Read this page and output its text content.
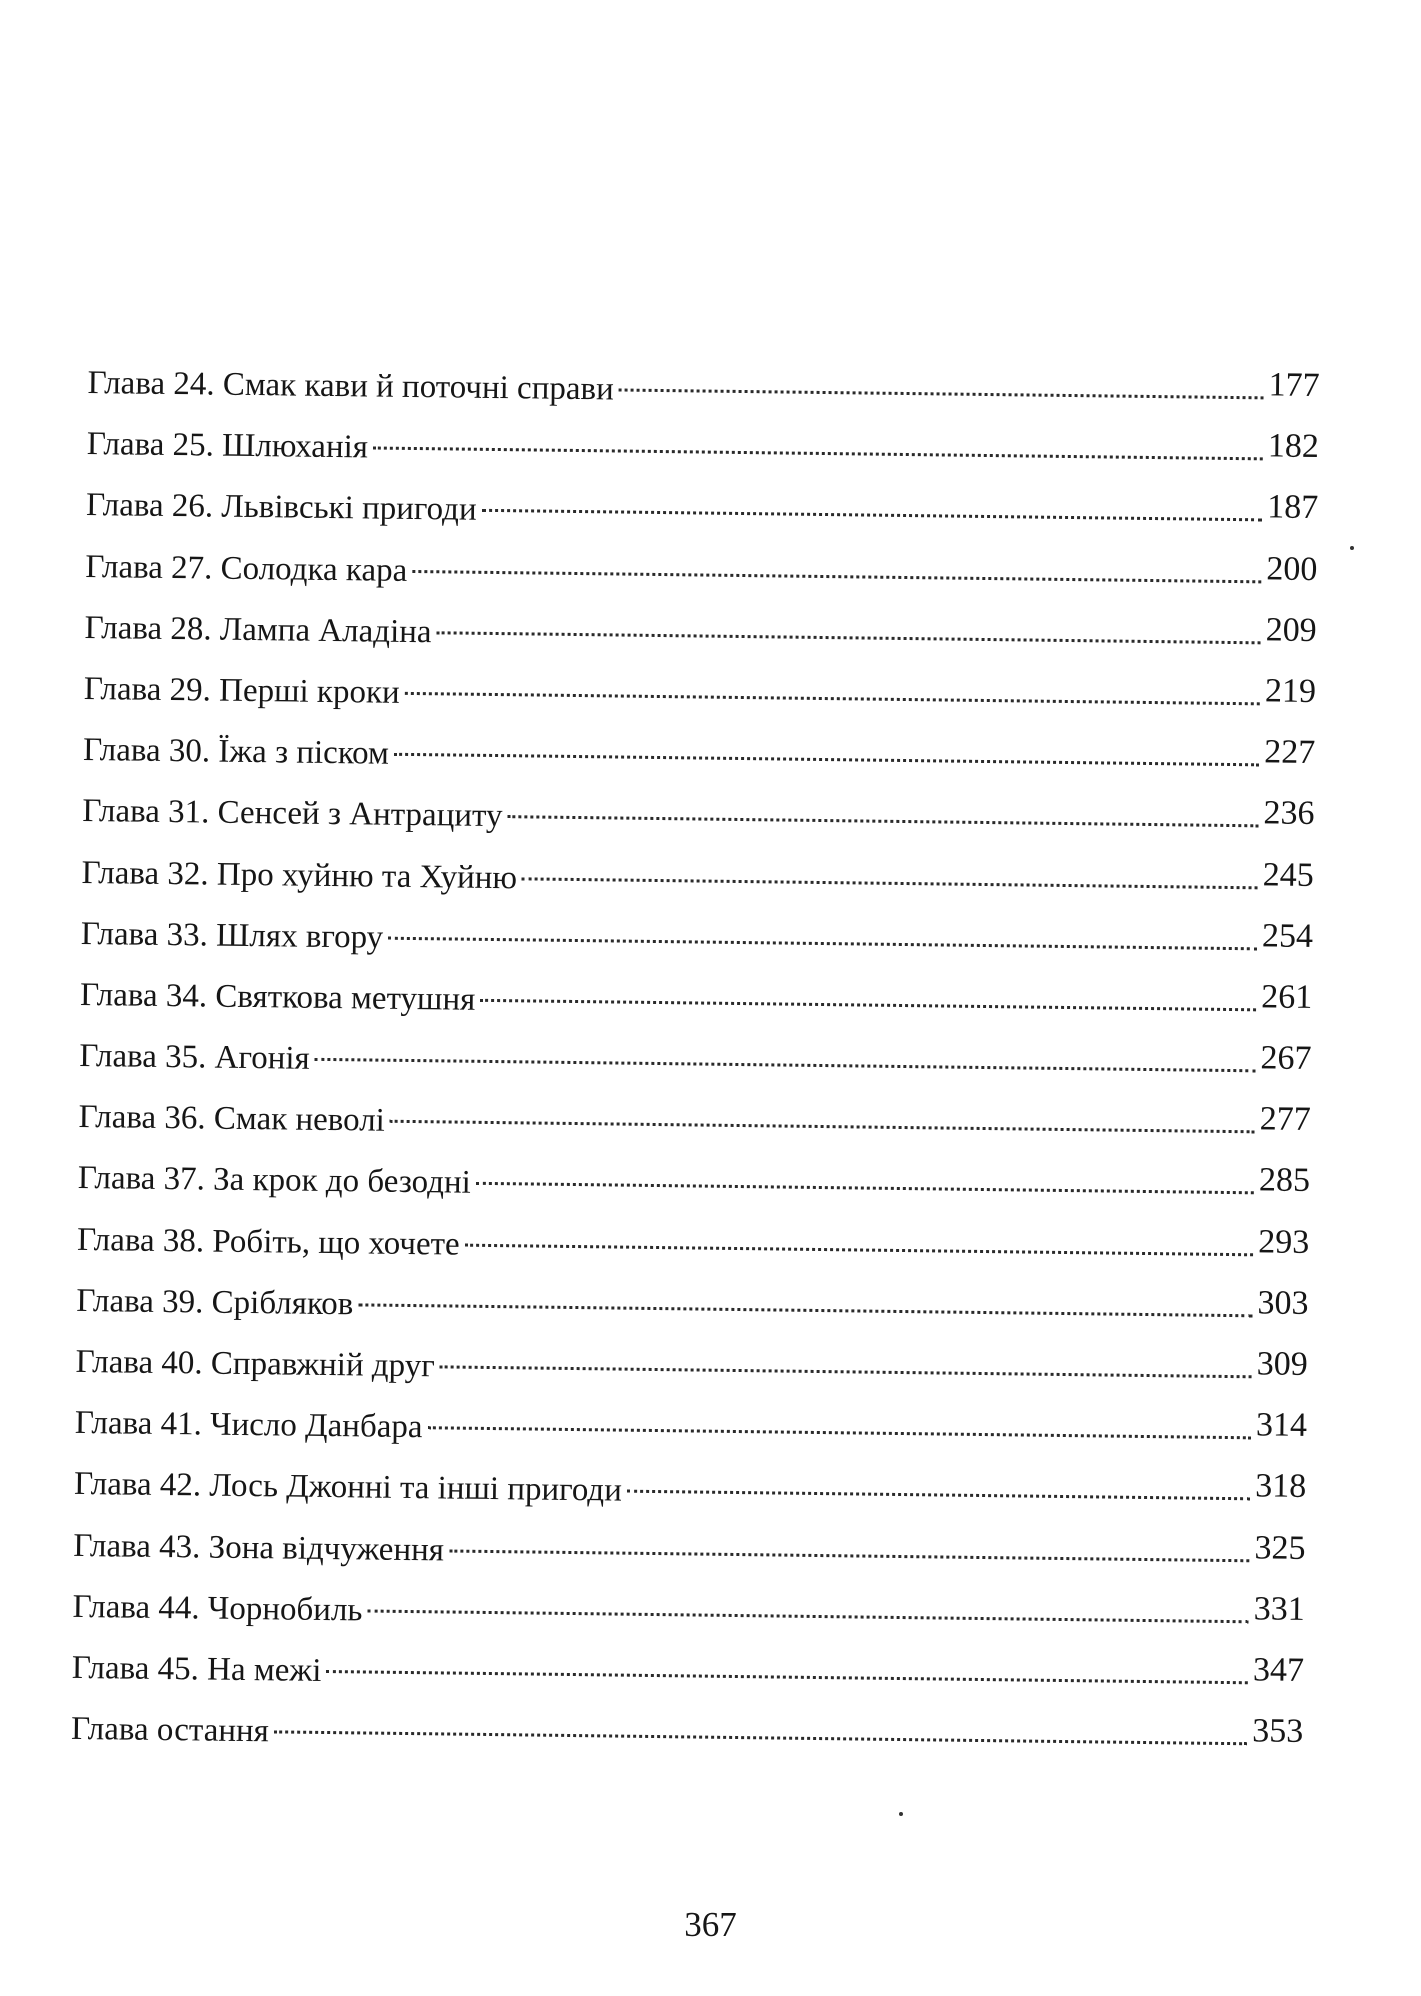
Глава 24. Смак кави й поточні справи	177
Глава 25. Шлюханія	182
Глава 26. Львівські пригоди	187
Глава 27. Солодка кара	200
Глава 28. Лампа Аладіна	209
Глава 29. Перші кроки	219
Глава 30. Їжа з піском	227
Глава 31. Сенсей з Антрациту	236
Глава 32. Про хуйню та Хуйню	245
Глава 33. Шлях вгору	254
Глава 34. Святкова метушня	261
Глава 35. Агонія	267
Глава 36. Смак неволі	277
Глава 37. За крок до безодні	285
Глава 38. Робіть, що хочете	293
Глава 39. Срібляков	303
Глава 40. Справжній друг	309
Глава 41. Число Данбара	314
Глава 42. Лось Джонні та інші пригоди	318
Глава 43. Зона відчуження	325
Глава 44. Чорнобиль	331
Глава 45. На межі	347
Глава остання	353
367
